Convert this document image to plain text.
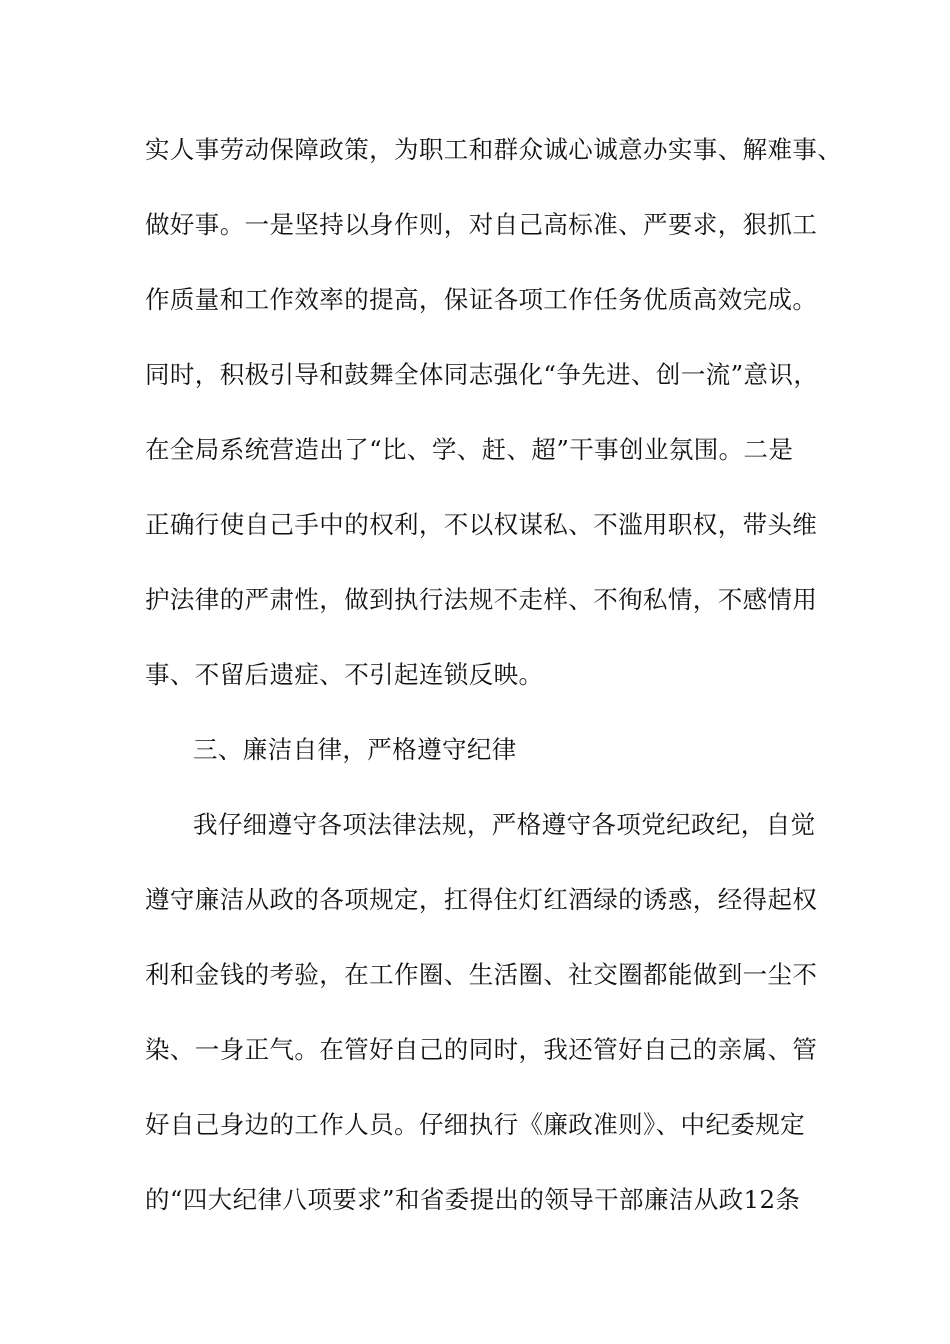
实人事劳动保障政策，为职工和群众诚心诚意办实事、解难事、
做好事。一是坚持以身作则，对自己高标准、严要求，狠抓工
作质量和工作效率的提高，保证各项工作任务优质高效完成。
同时，积极引导和鼓舞全体同志强化“争先进、创一流”意识，
在全局系统营造出了“比、学、赶、超”干事创业氛围。二是
正确行使自己手中的权利，不以权谋私、不滥用职权，带头维
护法律的严肃性，做到执行法规不走样、不徇私情，不感情用
事、不留后遗症、不引起连锁反映。
三、廉洁自律，严格遵守纪律
我仔细遵守各项法律法规，严格遵守各项党纪政纪，自觉
遵守廉洁从政的各项规定，扛得住灯红酒绿的诱惑，经得起权
利和金钱的考验，在工作圈、生活圈、社交圈都能做到一尘不
染、一身正气。在管好自己的同时，我还管好自己的亲属、管
好自己身边的工作人员。仔细执行《廉政准则》、中纪委规定
的“四大纪律八项要求”和省委提出的领导干部廉洁从政12条
